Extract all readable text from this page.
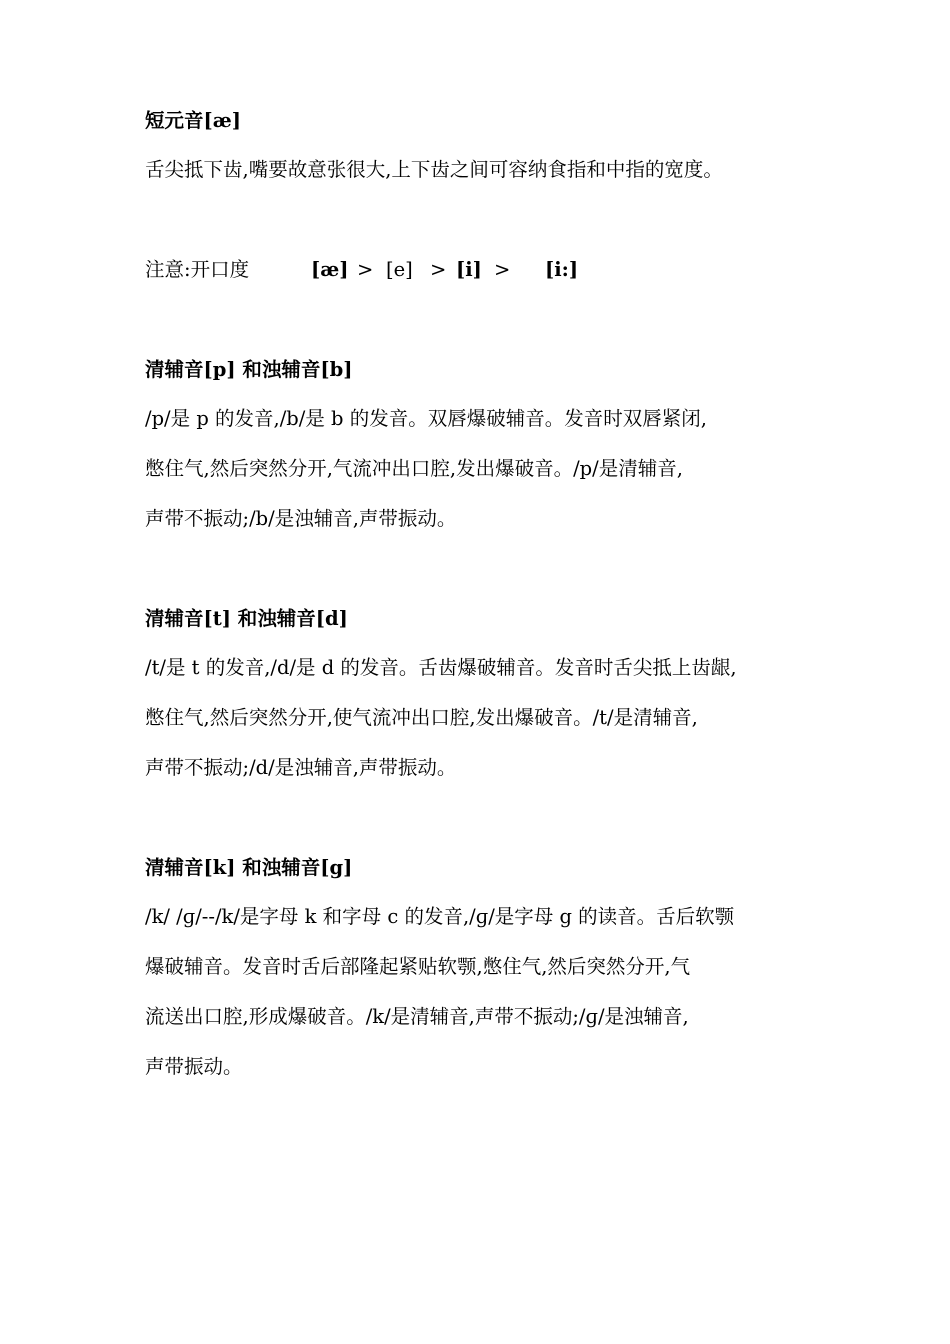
短元音[æ]
舌尖抵下齿,嘴要故意张很大,上下齿之间可容纳食指和中指的宽度。
注意:开口度	[æ] > [e] > [i] > [i:]
清辅音[p] 和浊辅音[b]
/p/是 p 的发音,/b/是 b 的发音。双唇爆破辅音。发音时双唇紧闭,
憋住气,然后突然分开,气流冲出口腔,发出爆破音。/p/是清辅音,
声带不振动;/b/是浊辅音,声带振动。
清辅音[t] 和浊辅音[d]
/t/是 t 的发音,/d/是 d 的发音。舌齿爆破辅音。发音时舌尖抵上齿龈,
憋住气,然后突然分开,使气流冲出口腔,发出爆破音。/t/是清辅音,
声带不振动;/d/是浊辅音,声带振动。
清辅音[k] 和浊辅音[g]
/k/ /ɡ/--/k/是字母 k 和字母 c 的发音,/ɡ/是字母 g 的读音。舌后软颚
爆破辅音。发音时舌后部隆起紧贴软颚,憋住气,然后突然分开,气
流送出口腔,形成爆破音。/k/是清辅音,声带不振动;/ɡ/是浊辅音,
声带振动。
